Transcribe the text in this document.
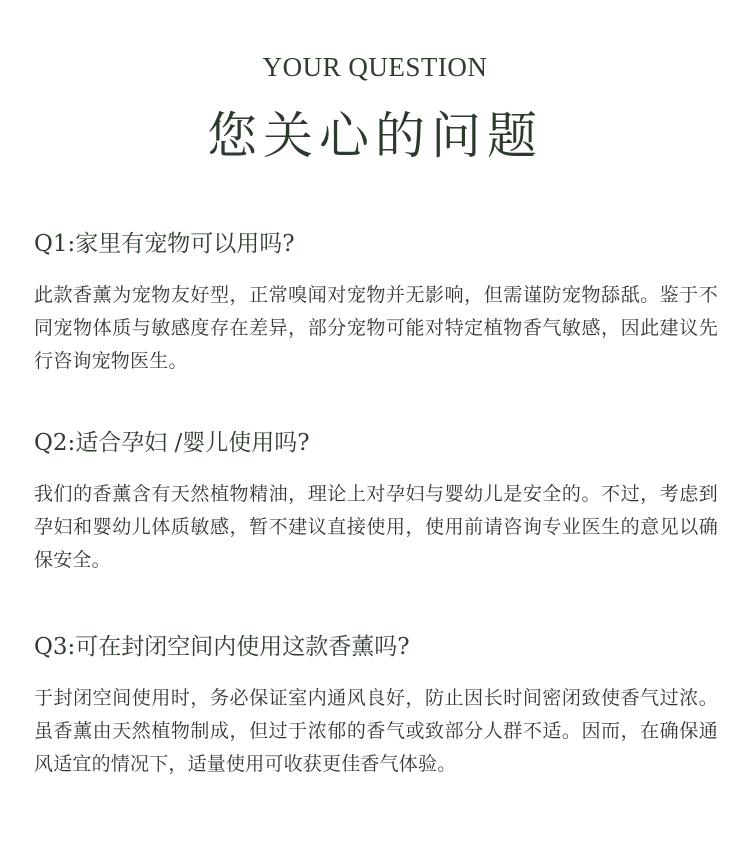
YOUR QUESTION
您关心的问题

Q1:家里有宠物可以用吗?

此款香薰为宠物友好型，正常嗅闻对宠物并无影响，但需谨防宠物舔舐。鉴于不同宠物体质与敏感度存在差异，部分宠物可能对特定植物香气敏感，因此建议先行咨询宠物医生。

Q2:适合孕妇 /婴儿使用吗?

我们的香薰含有天然植物精油，理论上对孕妇与婴幼儿是安全的。不过，考虑到孕妇和婴幼儿体质敏感，暂不建议直接使用，使用前请咨询专业医生的意见以确保安全。

Q3:可在封闭空间内使用这款香薰吗?

于封闭空间使用时，务必保证室内通风良好，防止因长时间密闭致使香气过浓。虽香薰由天然植物制成，但过于浓郁的香气或致部分人群不适。因而，在确保通风适宜的情况下，适量使用可收获更佳香气体验。
